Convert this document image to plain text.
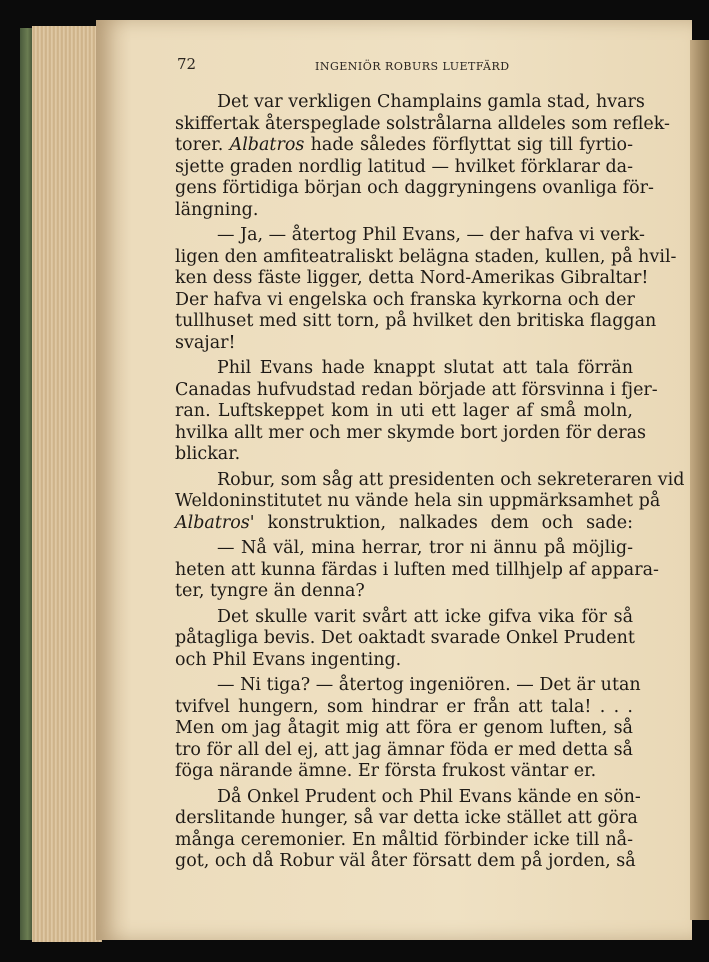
72	INGENIÖR ROBURS LUETFÄRD
Det var verkligen Champlains gamla stad, hvars
skiffertak återspeglade solstrålarna alldeles som reflek-
torer. Albatros hade således förflyttat sig till fyrtio-
sjette graden nordlig latitud — hvilket förklarar da-
gens förtidiga början och daggryningens ovanliga för-
längning.
— Ja, — återtog Phil Evans, — der hafva vi verk-
ligen den amfiteatraliskt belägna staden, kullen, på hvil-
ken dess fäste ligger, detta Nord-Amerikas Gibraltar!
Der hafva vi engelska och franska kyrkorna och der
tullhuset med sitt torn, på hvilket den britiska flaggan
svajar!
Phil Evans hade knappt slutat att tala förrän
Canadas hufvudstad redan började att försvinna i fjer-
ran. Luftskeppet kom in uti ett lager af små moln,
hvilka allt mer och mer skymde bort jorden för deras
blickar.
Robur, som såg att presidenten och sekreteraren vid
Weldoninstitutet nu vände hela sin uppmärksamhet på
Albatros' konstruktion, nalkades dem och sade:
— Nå väl, mina herrar, tror ni ännu på möjlig-
heten att kunna färdas i luften med tillhjelp af appara-
ter, tyngre än denna?
Det skulle varit svårt att icke gifva vika för så
påtagliga bevis. Det oaktadt svarade Onkel Prudent
och Phil Evans ingenting.
— Ni tiga? — återtog ingeniören. — Det är utan
tvifvel hungern, som hindrar er från att tala! . . .
Men om jag åtagit mig att föra er genom luften, så
tro för all del ej, att jag ämnar föda er med detta så
föga närande ämne. Er första frukost väntar er.
Då Onkel Prudent och Phil Evans kände en sön-
derslitande hunger, så var detta icke stället att göra
många ceremonier. En måltid förbinder icke till nå-
got, och då Robur väl åter försatt dem på jorden, så
